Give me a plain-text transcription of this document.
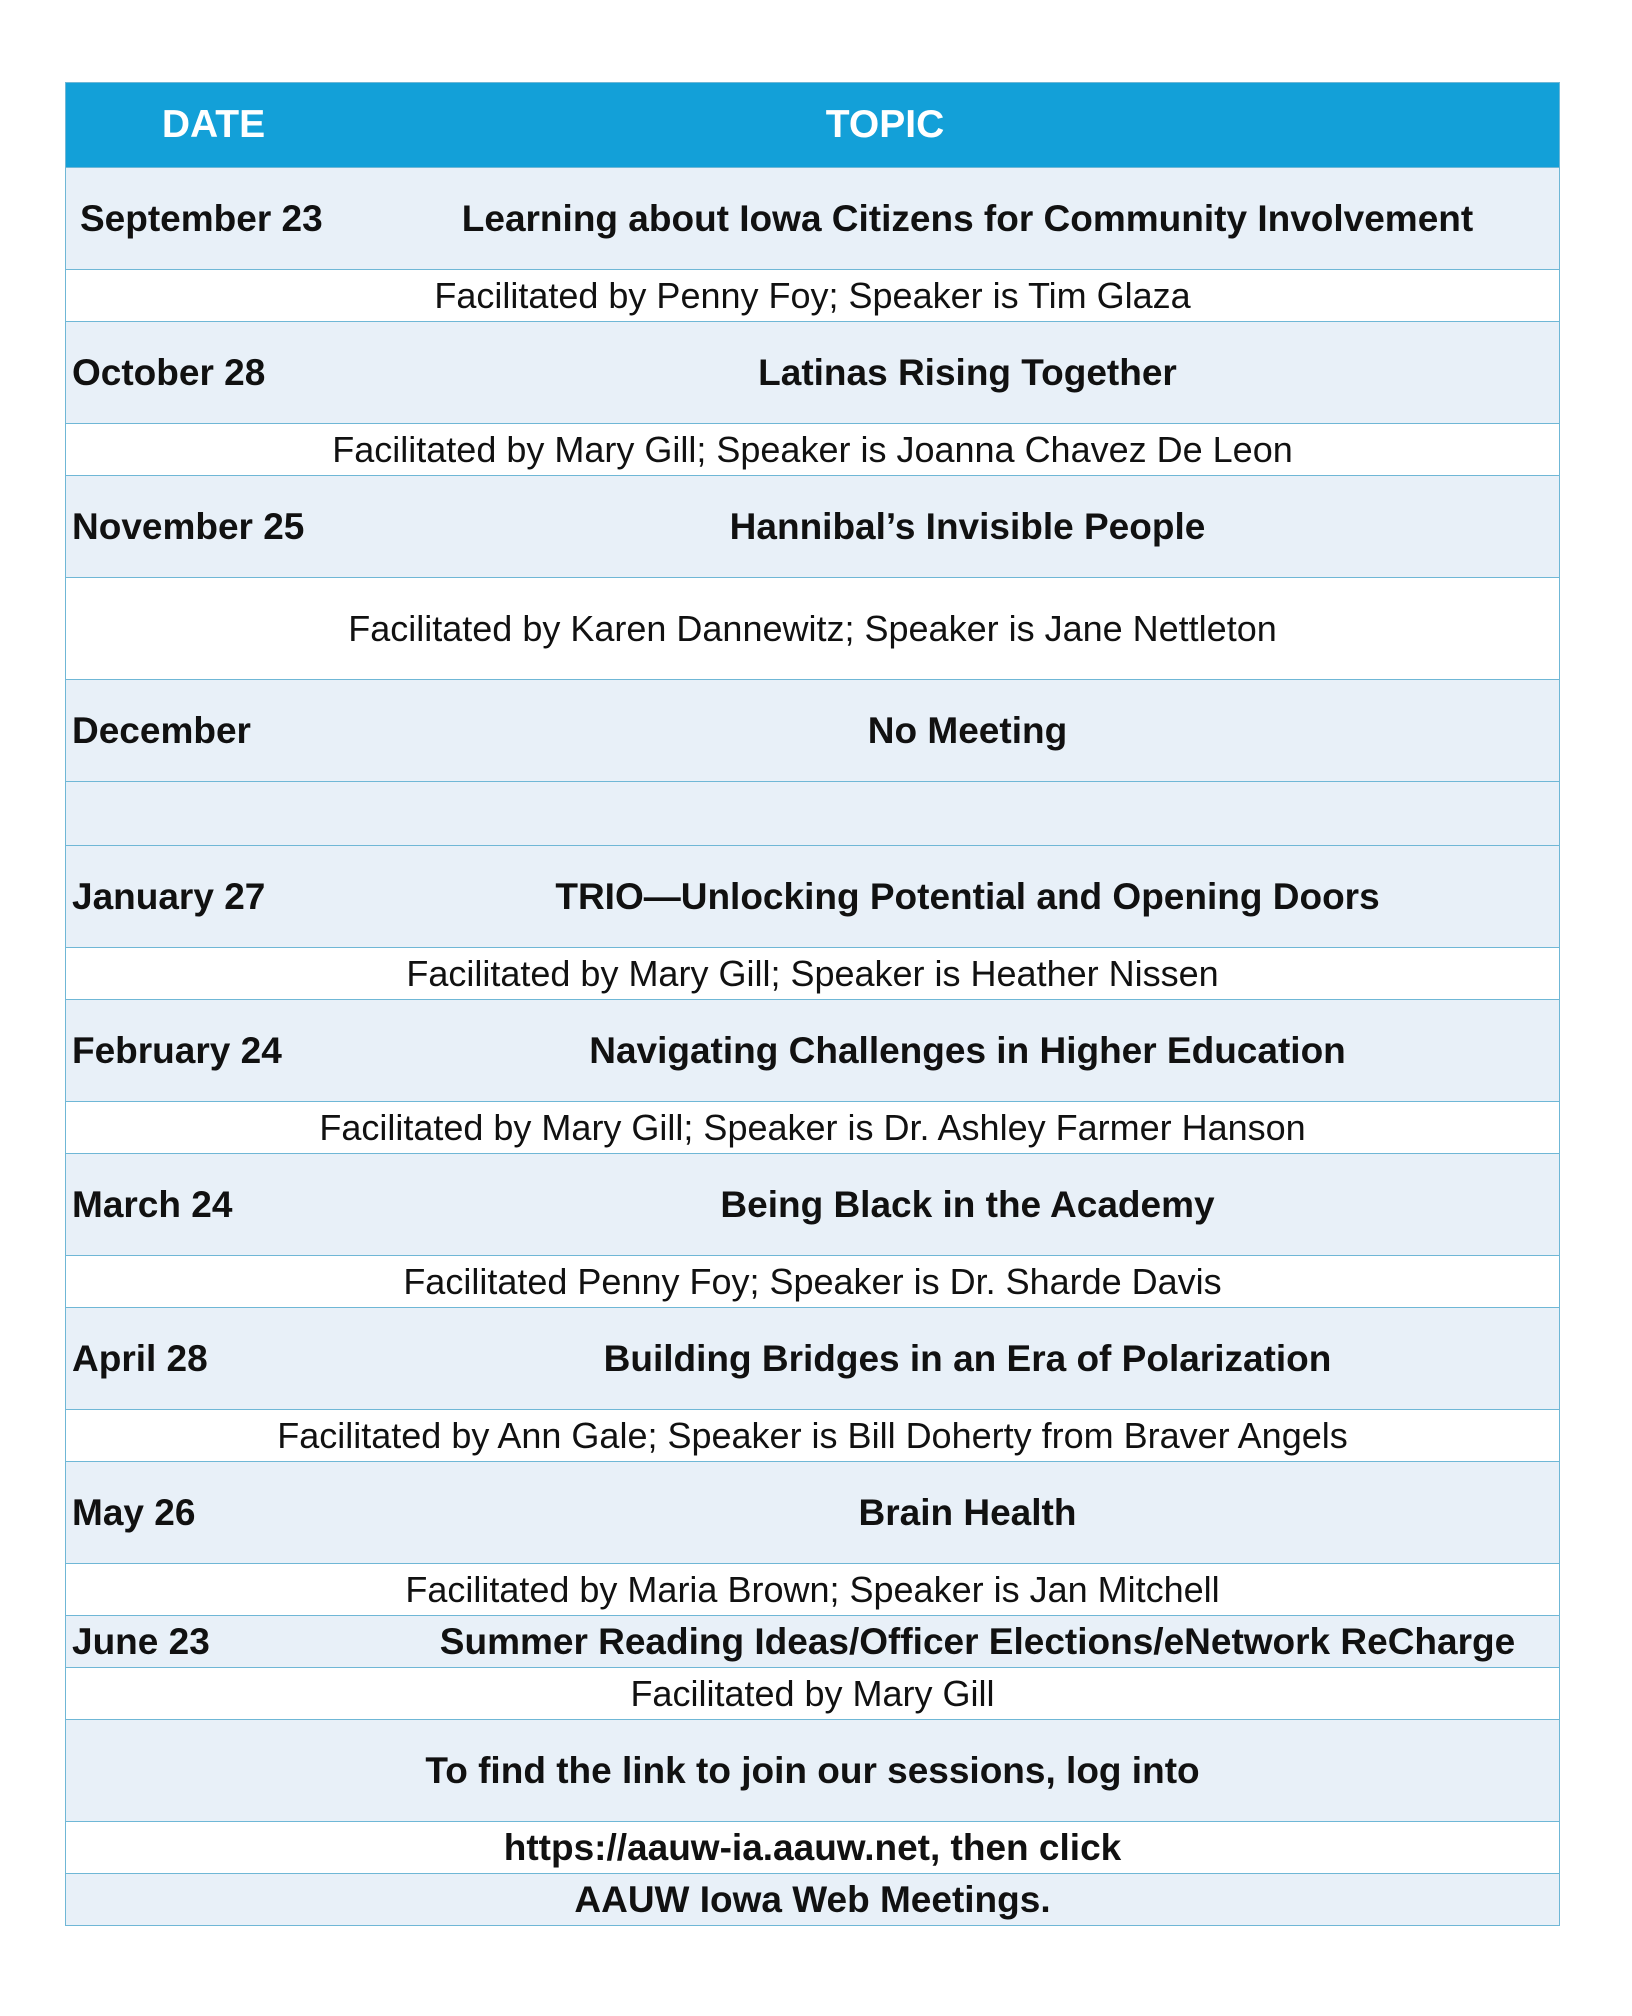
DATE	TOPIC
September 23	Learning about Iowa Citizens for Community Involvement
Facilitated by Penny Foy; Speaker is Tim Glaza
October 28	Latinas Rising Together
Facilitated by Mary Gill; Speaker is Joanna Chavez De Leon
November 25	Hannibal’s Invisible People
Facilitated by Karen Dannewitz; Speaker is Jane Nettleton
December	No Meeting
January 27	TRIO—Unlocking Potential and Opening Doors
Facilitated by Mary Gill; Speaker is Heather Nissen
February 24	Navigating Challenges in Higher Education
Facilitated by Mary Gill; Speaker is Dr. Ashley Farmer Hanson
March 24	Being Black in the Academy
Facilitated Penny Foy; Speaker is Dr. Sharde Davis
April 28	Building Bridges in an Era of Polarization
Facilitated by Ann Gale; Speaker is Bill Doherty from Braver Angels
May 26	Brain Health
Facilitated by Maria Brown; Speaker is Jan Mitchell
June 23	Summer Reading Ideas/Officer Elections/eNetwork ReCharge
Facilitated by Mary Gill
To find the link to join our sessions, log into
https://aauw-ia.aauw.net, then click
AAUW Iowa Web Meetings.
